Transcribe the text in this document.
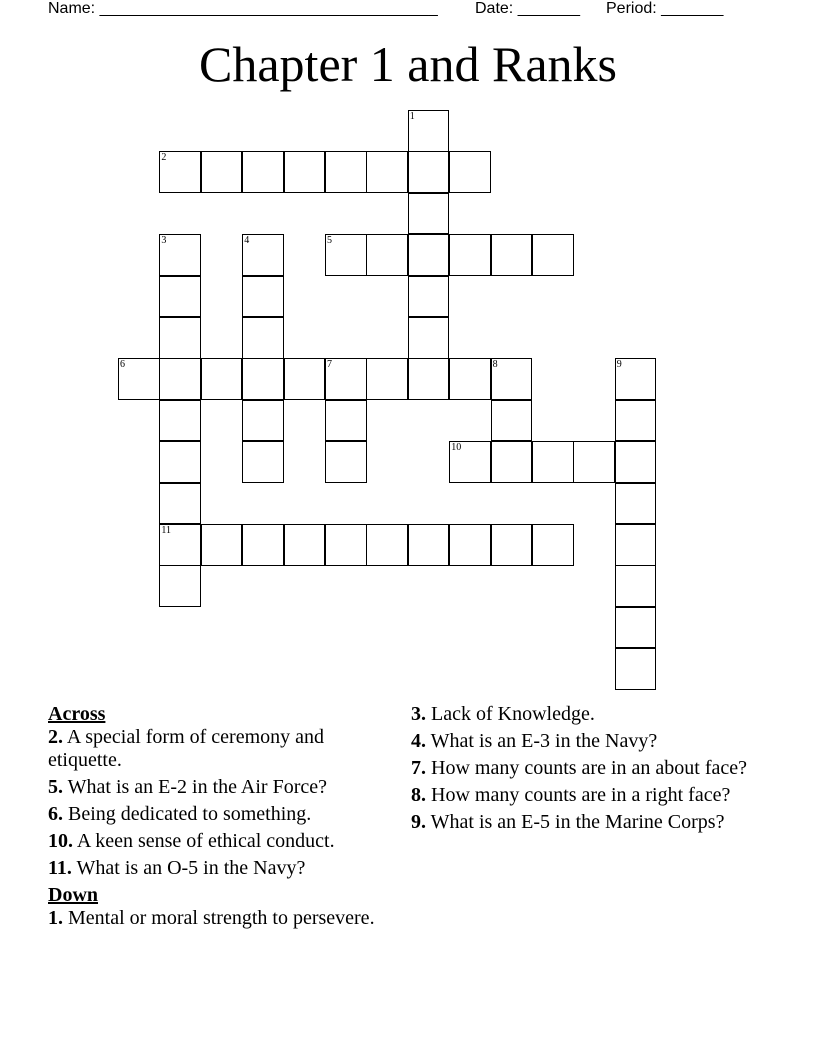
Name: ______________________________________ Date: _______ Period: _______
Chapter 1 and Ranks
1
2
3	4	5
6	7	8	9
10
11
Across
2. A special form of ceremony and etiquette.
5. What is an E-2 in the Air Force?
6. Being dedicated to something.
10. A keen sense of ethical conduct.
11. What is an O-5 in the Navy?
Down
1. Mental or moral strength to persevere.
3. Lack of Knowledge.
4. What is an E-3 in the Navy?
7. How many counts are in an about face?
8. How many counts are in a right face?
9. What is an E-5 in the Marine Corps?
